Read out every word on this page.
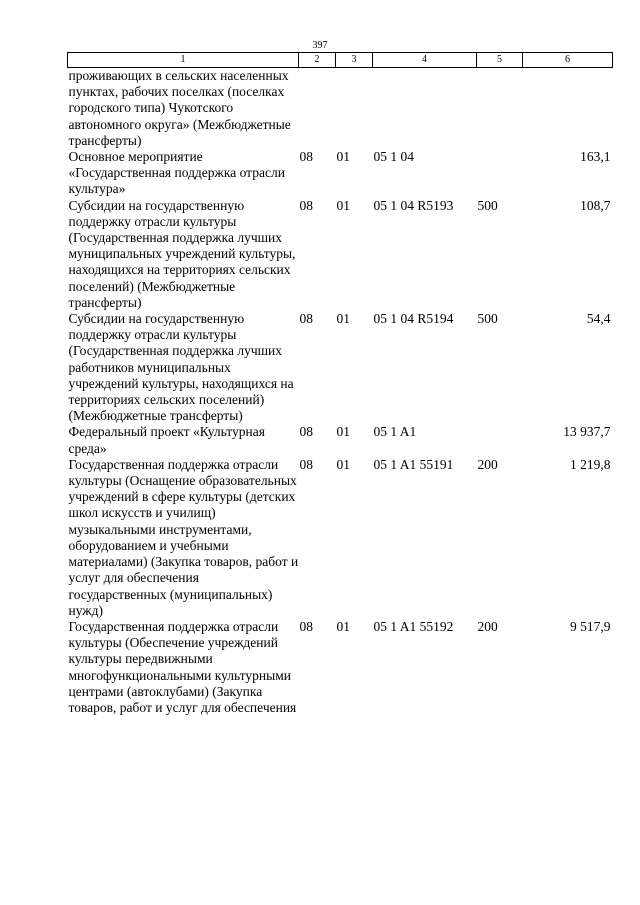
397
1	2	3	4	5	6
проживающих в сельских населенных пунктах, рабочих поселках (поселках городского типа) Чукотского автономного округа» (Межбюджетные трансферты)					
Основное мероприятие «Государственная поддержка отрасли культура»	08	01	05 1 04		163,1
Субсидии на государственную поддержку отрасли культуры (Государственная поддержка лучших муниципальных учреждений культуры, находящихся на территориях сельских поселений) (Межбюджетные трансферты)	08	01	05 1 04 R5193	500	108,7
Субсидии на государственную поддержку отрасли культуры (Государственная поддержка лучших работников муниципальных учреждений культуры, находящихся на территориях сельских поселений) (Межбюджетные трансферты)	08	01	05 1 04 R5194	500	54,4
Федеральный проект «Культурная среда»	08	01	05 1 A1		13 937,7
Государственная поддержка отрасли культуры (Оснащение образовательных учреждений в сфере культуры (детских школ искусств и училищ) музыкальными инструментами, оборудованием и учебными материалами) (Закупка товаров, работ и услуг для обеспечения государственных (муниципальных) нужд)	08	01	05 1 A1 55191	200	1 219,8
Государственная поддержка отрасли культуры (Обеспечение учреждений культуры передвижными многофункциональными культурными центрами (автоклубами) (Закупка товаров, работ и услуг для обеспечения	08	01	05 1 A1 55192	200	9 517,9
